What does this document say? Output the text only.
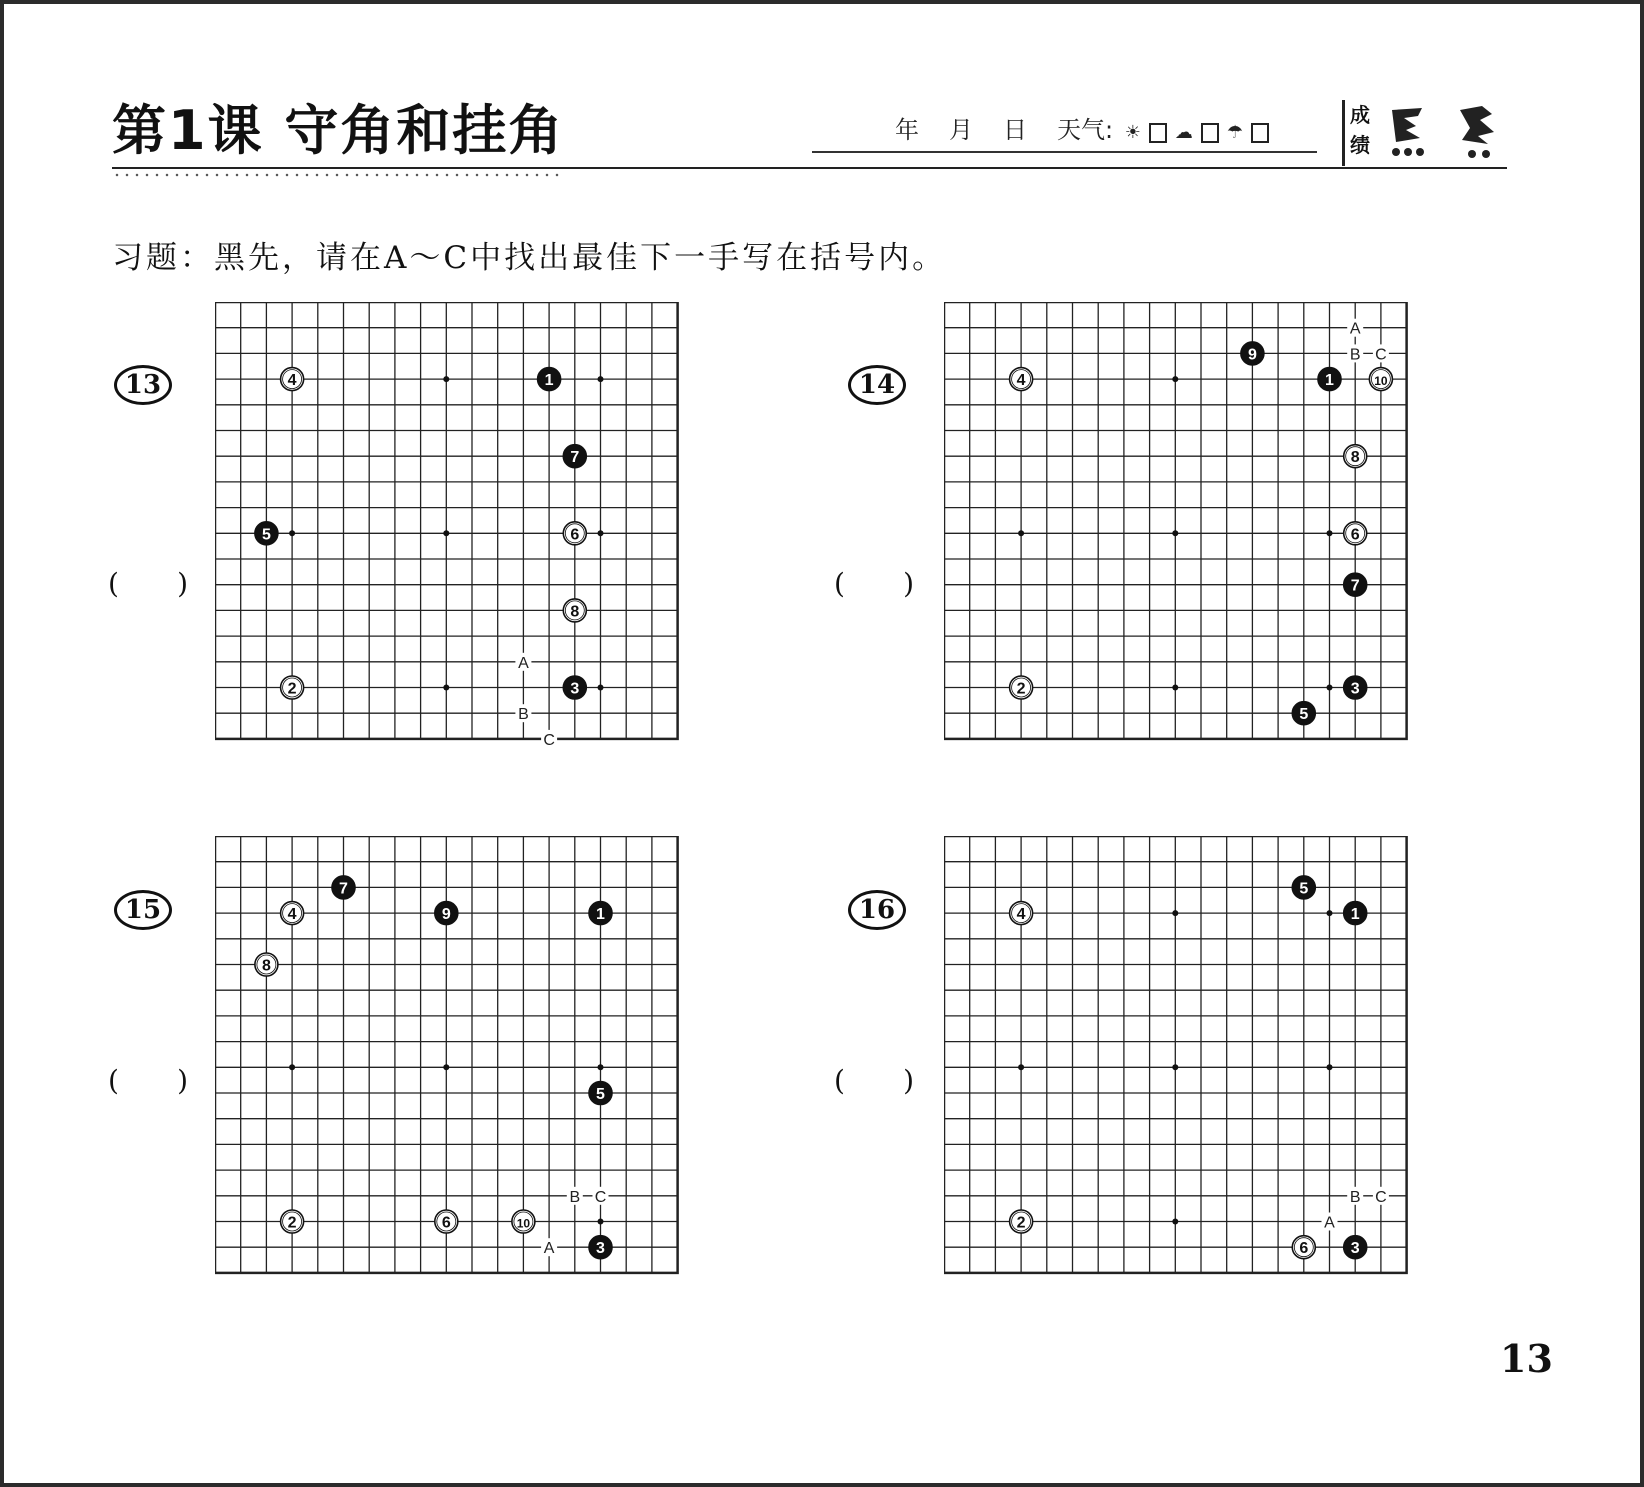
第1课 守角和挂角	年 月 日 天气: ☀ ☁ ☂
成绩
习题：黑先，请在A～C中找出最佳下一手写在括号内。
13
( )
A
B
C
1
7
4
5	6
8
2	3
14
( )
A
B C
9
1	10
4
8
6
7
2	3
5
15
( )
B C
A
7
4	9	1
8
5
2	6	10
3
16
( )
B C
A
5
1
4
2
6	3
13
